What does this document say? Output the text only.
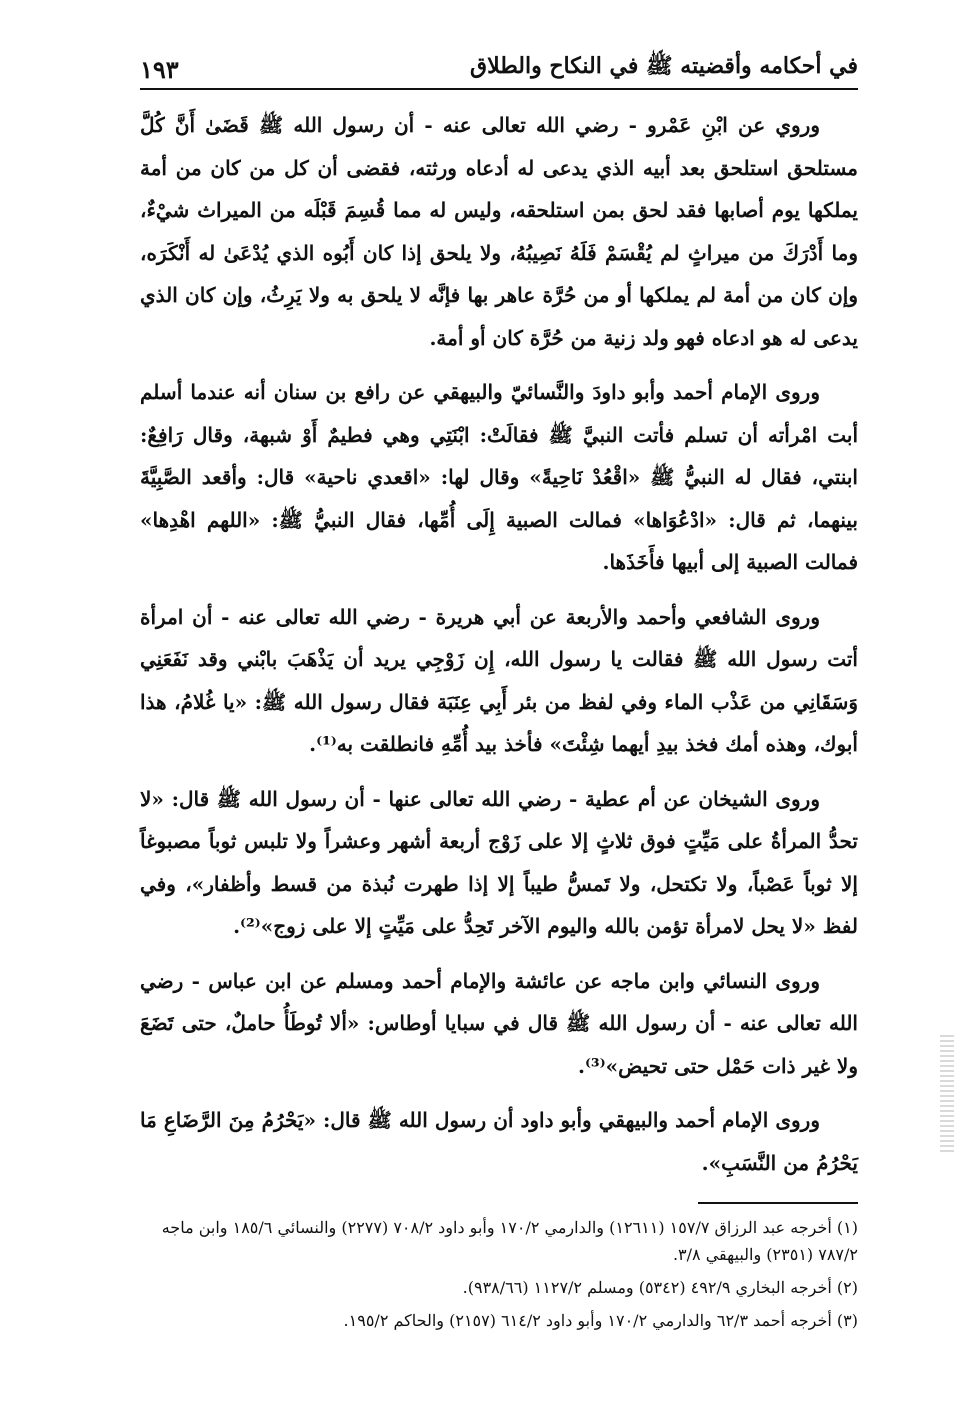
في أحكامه وأقضيته ﷺ في النكاح والطلاق
١٩٣

وروي عن ابْنِ عَمْرو - رضي الله تعالى عنه - أن رسول الله ﷺ قَضَىٰ أَنَّ كُلَّ مستلحق استلحق بعد أبيه الذي يدعى له أدعاه ورثته، فقضى أن كل من كان من أمة يملكها يوم أصابها فقد لحق بمن استلحقه، وليس له مما قُسِمَ قَبْلَه من الميراث شيْءٌ، وما أَدْرَكَ من ميراثٍ لم يُقْسَمْ فَلَهُ نَصِيبُهُ، ولا يلحق إذا كان أَبُوه الذي يُدْعَىٰ له أَنْكَرَه، وإن كان من أمة لم يملكها أو من حُرَّة عاهر بها فإنَّه لا يلحق به ولا يَرِثُ، وإن كان الذي يدعى له هو ادعاه فهو ولد زنية من حُرَّة كان أو أمة.

وروى الإمام أحمد وأبو داودَ والنَّسائيّ والبيهقي عن رافع بن سنان أنه عندما أسلم أبت امْرأته أن تسلم فأتت النبيَّ ﷺ فقالَتْ: ابْنَتِي وهي فطيمٌ أَوْ شبهة، وقال رَافِعٌ: ابنتي، فقال له النبيُّ ﷺ «اقْعُدْ نَاحِيةً» وقال لها: «اقعدي ناحية» قال: وأقعد الصَّبِيَّةَ بينهما، ثم قال: «ادْعُوَاها» فمالت الصبية إِلَى أُمِّها، فقال النبيُّ ﷺ: «اللهم اهْدِها» فمالت الصبية إلى أبيها فأَخَذَها.

وروى الشافعي وأحمد والأربعة عن أبي هريرة - رضي الله تعالى عنه - أن امرأة أتت رسول الله ﷺ فقالت يا رسول الله، إِن زَوْجِي يريد أن يَذْهَبَ بابْني وقد نَفَعَنِي وَسَقَانِي من عَذْب الماء وفي لفظ من بئر أَبِي عِنَبَة فقال رسول الله ﷺ: «يا غُلامُ، هذا أبوك، وهذه أمك فخذ بيدِ أيهما شِئْتَ» فأخذ بيد أُمِّهِ فانطلقت به⁽¹⁾.

وروى الشيخان عن أم عطية - رضي الله تعالى عنها - أن رسول الله ﷺ قال: «لا تحدُّ المرأةُ على مَيِّتٍ فوق ثلاثٍ إلا على زَوْج أربعة أشهر وعشراً ولا تلبس ثوباً مصبوغاً إلا ثوباً عَصْباً، ولا تكتحل، ولا تَمسُّ طيباً إلا إذا طهرت نُبذة من قسط وأظفار»، وفي لفظ «لا يحل لامرأة تؤمن بالله واليوم الآخر تَحِدُّ على مَيِّتٍ إلا على زوج»⁽²⁾.

وروى النسائي وابن ماجه عن عائشة والإمام أحمد ومسلم عن ابن عباس - رضي الله تعالى عنه - أن رسول الله ﷺ قال في سبايا أوطاس: «ألا تُوطَأُ حاملٌ، حتى تَضَعَ ولا غير ذات حَمْل حتى تحيض»⁽³⁾.

وروى الإمام أحمد والبيهقي وأبو داود أن رسول الله ﷺ قال: «يَحْرُمُ مِنَ الرَّضَاعِ مَا يَحْرُمُ من النَّسَبِ».

(١) أخرجه عبد الرزاق ١٥٧/٧ (١٢٦١١) والدارمي ١٧٠/٢ وأبو داود ٧٠٨/٢ (٢٢٧٧) والنسائي ١٨٥/٦ وابن ماجه ٧٨٧/٢ (٢٣٥١) والبيهقي ٣/٨.

(٢) أخرجه البخاري ٤٩٢/٩ (٥٣٤٢) ومسلم ١١٢٧/٢ (٩٣٨/٦٦).

(٣) أخرجه أحمد ٦٢/٣ والدارمي ١٧٠/٢ وأبو داود ٦١٤/٢ (٢١٥٧) والحاكم ١٩٥/٢.
